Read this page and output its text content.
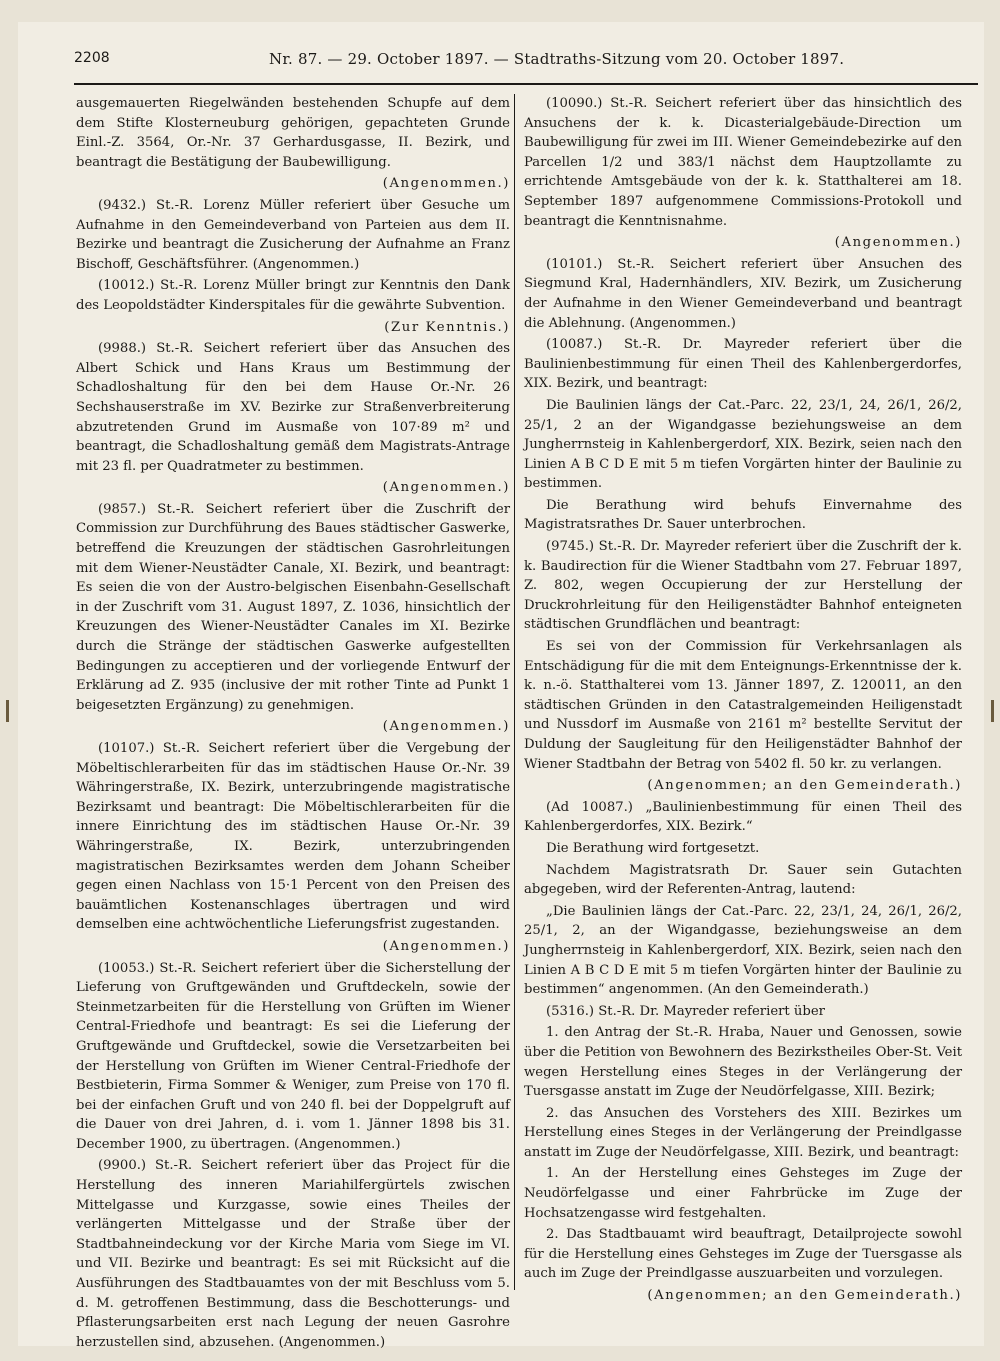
2208	Nr. 87. — 29. October 1897. — Stadtraths-Sitzung vom 20. October 1897.

ausgemauerten Riegelwänden bestehenden Schupfe auf dem dem Stifte Klosterneuburg gehörigen, gepachteten Grunde Einl.-Z. 3564, Or.-Nr. 37 Gerhardusgasse, II. Bezirk, und beantragt die Bestätigung der Baubewilligung.

(Angenommen.)

(9432.) St.-R. Lorenz Müller referiert über Gesuche um Aufnahme in den Gemeindeverband von Parteien aus dem II. Bezirke und beantragt die Zusicherung der Aufnahme an Franz Bischoff, Geschäftsführer. (Angenommen.)

(10012.) St.-R. Lorenz Müller bringt zur Kenntnis den Dank des Leopoldstädter Kinderspitales für die gewährte Subvention.

(Zur Kenntnis.)

(9988.) St.-R. Seichert referiert über das Ansuchen des Albert Schick und Hans Kraus um Bestimmung der Schadloshaltung für den bei dem Hause Or.-Nr. 26 Sechshauserstraße im XV. Bezirke zur Straßenverbreiterung abzutretenden Grund im Ausmaße von 107·89 m² und beantragt, die Schadloshaltung gemäß dem Magistrats-Antrage mit 23 fl. per Quadratmeter zu bestimmen.

(Angenommen.)

(9857.) St.-R. Seichert referiert über die Zuschrift der Commission zur Durchführung des Baues städtischer Gaswerke, betreffend die Kreuzungen der städtischen Gasrohrleitungen mit dem Wiener-Neustädter Canale, XI. Bezirk, und beantragt: Es seien die von der Austro-belgischen Eisenbahn-Gesellschaft in der Zuschrift vom 31. August 1897, Z. 1036, hinsichtlich der Kreuzungen des Wiener-Neustädter Canales im XI. Bezirke durch die Stränge der städtischen Gaswerke aufgestellten Bedingungen zu acceptieren und der vorliegende Entwurf der Erklärung ad Z. 935 (inclusive der mit rother Tinte ad Punkt 1 beigesetzten Ergänzung) zu genehmigen.

(Angenommen.)

(10107.) St.-R. Seichert referiert über die Vergebung der Möbeltischlerarbeiten für das im städtischen Hause Or.-Nr. 39 Währingerstraße, IX. Bezirk, unterzubringende magistratische Bezirksamt und beantragt: Die Möbeltischlerarbeiten für die innere Einrichtung des im städtischen Hause Or.-Nr. 39 Währingerstraße, IX. Bezirk, unterzubringenden magistratischen Bezirksamtes werden dem Johann Scheiber gegen einen Nachlass von 15·1 Percent von den Preisen des bauämtlichen Kostenanschlages übertragen und wird demselben eine achtwöchentliche Lieferungsfrist zugestanden.

(Angenommen.)

(10053.) St.-R. Seichert referiert über die Sicherstellung der Lieferung von Gruftgewänden und Gruftdeckeln, sowie der Steinmetzarbeiten für die Herstellung von Grüften im Wiener Central-Friedhofe und beantragt: Es sei die Lieferung der Gruftgewände und Gruftdeckel, sowie die Versetzarbeiten bei der Herstellung von Grüften im Wiener Central-Friedhofe der Bestbieterin, Firma Sommer & Weniger, zum Preise von 170 fl. bei der einfachen Gruft und von 240 fl. bei der Doppelgruft auf die Dauer von drei Jahren, d. i. vom 1. Jänner 1898 bis 31. December 1900, zu übertragen. (Angenommen.)

(9900.) St.-R. Seichert referiert über das Project für die Herstellung des inneren Mariahilfergürtels zwischen Mittelgasse und Kurzgasse, sowie eines Theiles der verlängerten Mittelgasse und der Straße über der Stadtbahneindeckung vor der Kirche Maria vom Siege im VI. und VII. Bezirke und beantragt: Es sei mit Rücksicht auf die Ausführungen des Stadtbauamtes von der mit Beschluss vom 5. d. M. getroffenen Bestimmung, dass die Beschotterungs- und Pflasterungsarbeiten erst nach Legung der neuen Gasrohre herzustellen sind, abzusehen. (Angenommen.)

(10090.) St.-R. Seichert referiert über das hinsichtlich des Ansuchens der k. k. Dicasterialgebäude-Direction um Baubewilligung für zwei im III. Wiener Gemeindebezirke auf den Parcellen 1/2 und 383/1 nächst dem Hauptzollamte zu errichtende Amtsgebäude von der k. k. Statthalterei am 18. September 1897 aufgenommene Commissions-Protokoll und beantragt die Kenntnisnahme.

(Angenommen.)

(10101.) St.-R. Seichert referiert über Ansuchen des Siegmund Kral, Hadernhändlers, XIV. Bezirk, um Zusicherung der Aufnahme in den Wiener Gemeindeverband und beantragt die Ablehnung. (Angenommen.)

(10087.) St.-R. Dr. Mayreder referiert über die Baulinienbestimmung für einen Theil des Kahlenbergerdorfes, XIX. Bezirk, und beantragt:

Die Baulinien längs der Cat.-Parc. 22, 23/1, 24, 26/1, 26/2, 25/1, 2 an der Wigandgasse beziehungsweise an dem Jungherrnsteig in Kahlenbergerdorf, XIX. Bezirk, seien nach den Linien A B C D E mit 5 m tiefen Vorgärten hinter der Baulinie zu bestimmen.

Die Berathung wird behufs Einvernahme des Magistratsrathes Dr. Sauer unterbrochen.

(9745.) St.-R. Dr. Mayreder referiert über die Zuschrift der k. k. Baudirection für die Wiener Stadtbahn vom 27. Februar 1897, Z. 802, wegen Occupierung der zur Herstellung der Druckrohrleitung für den Heiligenstädter Bahnhof enteigneten städtischen Grundflächen und beantragt:

Es sei von der Commission für Verkehrsanlagen als Entschädigung für die mit dem Enteignungs-Erkenntnisse der k. k. n.-ö. Statthalterei vom 13. Jänner 1897, Z. 120011, an den städtischen Gründen in den Catastralgemeinden Heiligenstadt und Nussdorf im Ausmaße von 2161 m² bestellte Servitut der Duldung der Saugleitung für den Heiligenstädter Bahnhof der Wiener Stadtbahn der Betrag von 5402 fl. 50 kr. zu verlangen.

(Angenommen; an den Gemeinderath.)

(Ad 10087.) „Baulinienbestimmung für einen Theil des Kahlenbergerdorfes, XIX. Bezirk.“

Die Berathung wird fortgesetzt.

Nachdem Magistratsrath Dr. Sauer sein Gutachten abgegeben, wird der Referenten-Antrag, lautend:

„Die Baulinien längs der Cat.-Parc. 22, 23/1, 24, 26/1, 26/2, 25/1, 2, an der Wigandgasse, beziehungsweise an dem Jungherrnsteig in Kahlenbergerdorf, XIX. Bezirk, seien nach den Linien A B C D E mit 5 m tiefen Vorgärten hinter der Baulinie zu bestimmen“ angenommen. (An den Gemeinderath.)

(5316.) St.-R. Dr. Mayreder referiert über

1. den Antrag der St.-R. Hraba, Nauer und Genossen, sowie über die Petition von Bewohnern des Bezirkstheiles Ober-St. Veit wegen Herstellung eines Steges in der Verlängerung der Tuersgasse anstatt im Zuge der Neudörfelgasse, XIII. Bezirk;

2. das Ansuchen des Vorstehers des XIII. Bezirkes um Herstellung eines Steges in der Verlängerung der Preindlgasse anstatt im Zuge der Neudörfelgasse, XIII. Bezirk, und beantragt:

1. An der Herstellung eines Gehsteges im Zuge der Neudörfelgasse und einer Fahrbrücke im Zuge der Hochsatzengasse wird festgehalten.

2. Das Stadtbauamt wird beauftragt, Detailprojecte sowohl für die Herstellung eines Gehsteges im Zuge der Tuersgasse als auch im Zuge der Preindlgasse auszuarbeiten und vorzulegen.

(Angenommen; an den Gemeinderath.)
